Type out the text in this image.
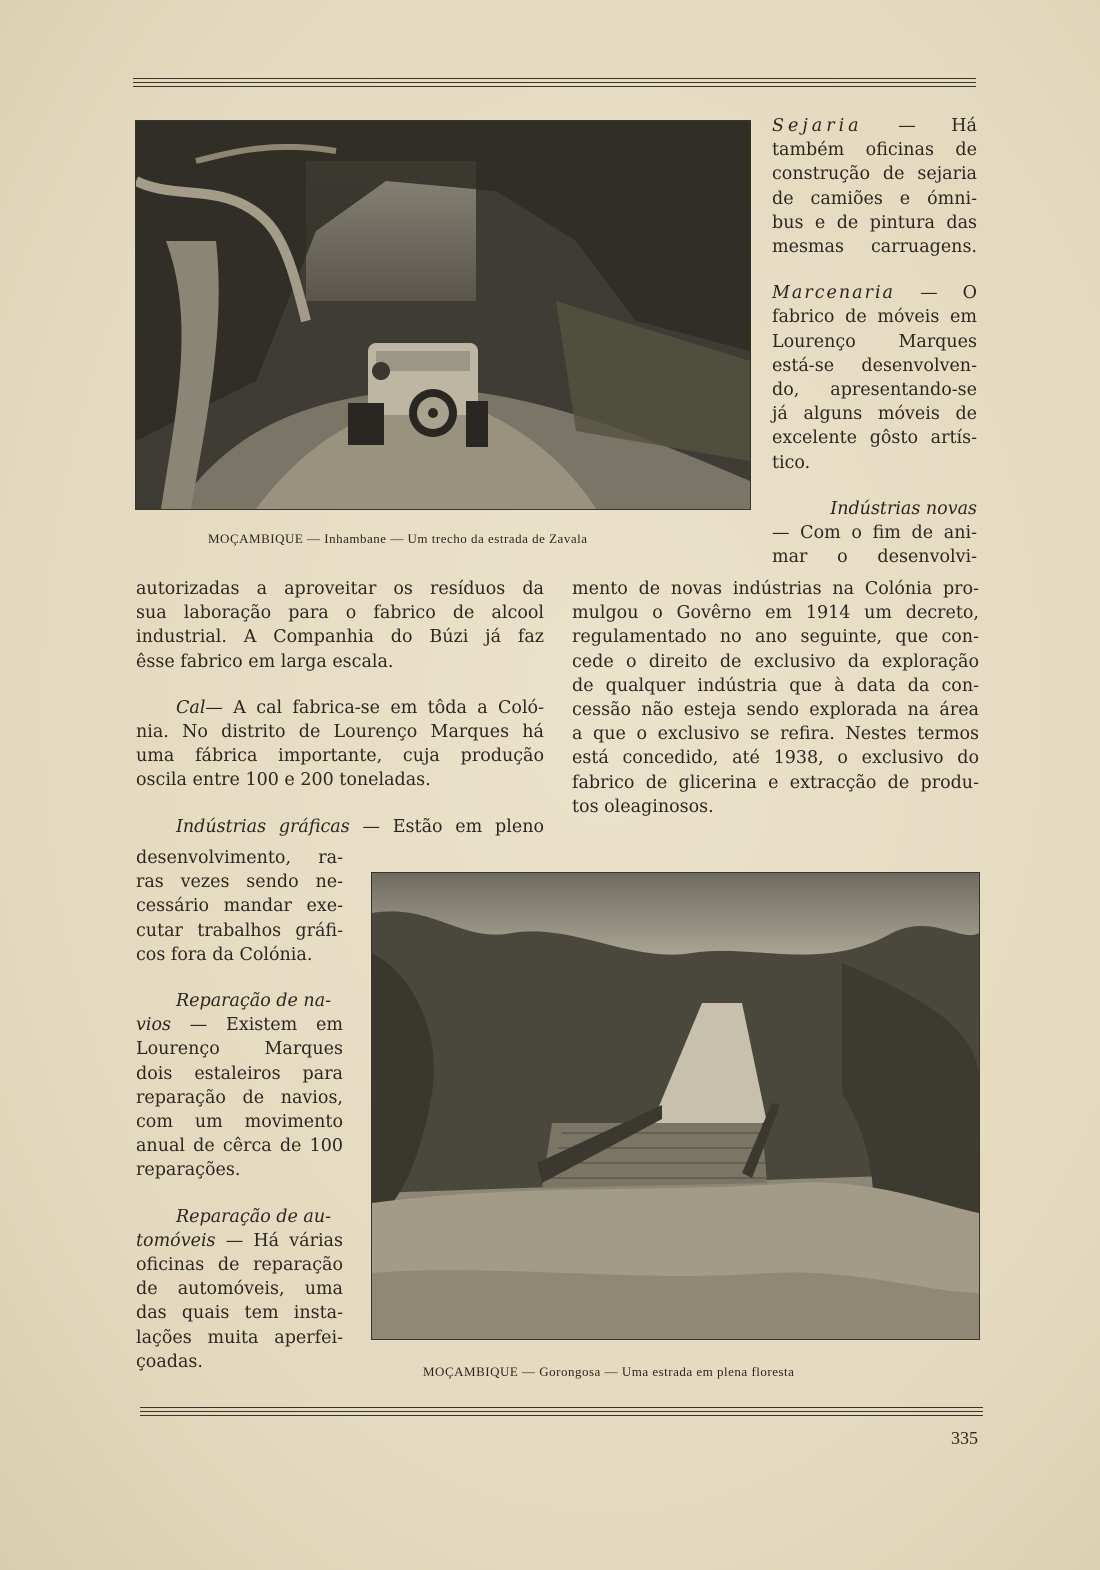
MOÇAMBIQUE — Inhambane — Um trecho da estrada de Zavala
Sejaria — Há
também oficinas de
construção de sejaria
de camiões e ómni-
bus e de pintura das
mesmas carruagens.
Marcenaria — O
fabrico de móveis em
Lourenço Marques
está-se desenvolven-
do, apresentando-se
já alguns móveis de
excelente gôsto artís-
tico.
Indústrias novas
— Com o fim de ani-
mar o desenvolvi-
mento de novas indústrias na Colónia pro-
mulgou o Govêrno em 1914 um decreto,
regulamentado no ano seguinte, que con-
cede o direito de exclusivo da exploração
de qualquer indústria que à data da con-
cessão não esteja sendo explorada na área
a que o exclusivo se refira. Nestes termos
está concedido, até 1938, o exclusivo do
fabrico de glicerina e extracção de produ-
tos oleaginosos.
autorizadas a aproveitar os resíduos da
sua laboração para o fabrico de alcool
industrial. A Companhia do Búzi já faz
êsse fabrico em larga escala.
Cal— A cal fabrica-se em tôda a Coló-
nia. No distrito de Lourenço Marques há
uma fábrica importante, cuja produção
oscila entre 100 e 200 toneladas.
Indústrias gráficas — Estão em pleno
desenvolvimento, ra-
ras vezes sendo ne-
cessário mandar exe-
cutar trabalhos gráfi-
cos fora da Colónia.
Reparação de na-
vios — Existem em
Lourenço Marques
dois estaleiros para
reparação de navios,
com um movimento
anual de cêrca de 100
reparações.
Reparação de au-
tomóveis — Há várias
oficinas de reparação
de automóveis, uma
das quais tem insta-
lações muita aperfei-
çoadas.	MOÇAMBIQUE — Gorongosa — Uma estrada em plena floresta
335
